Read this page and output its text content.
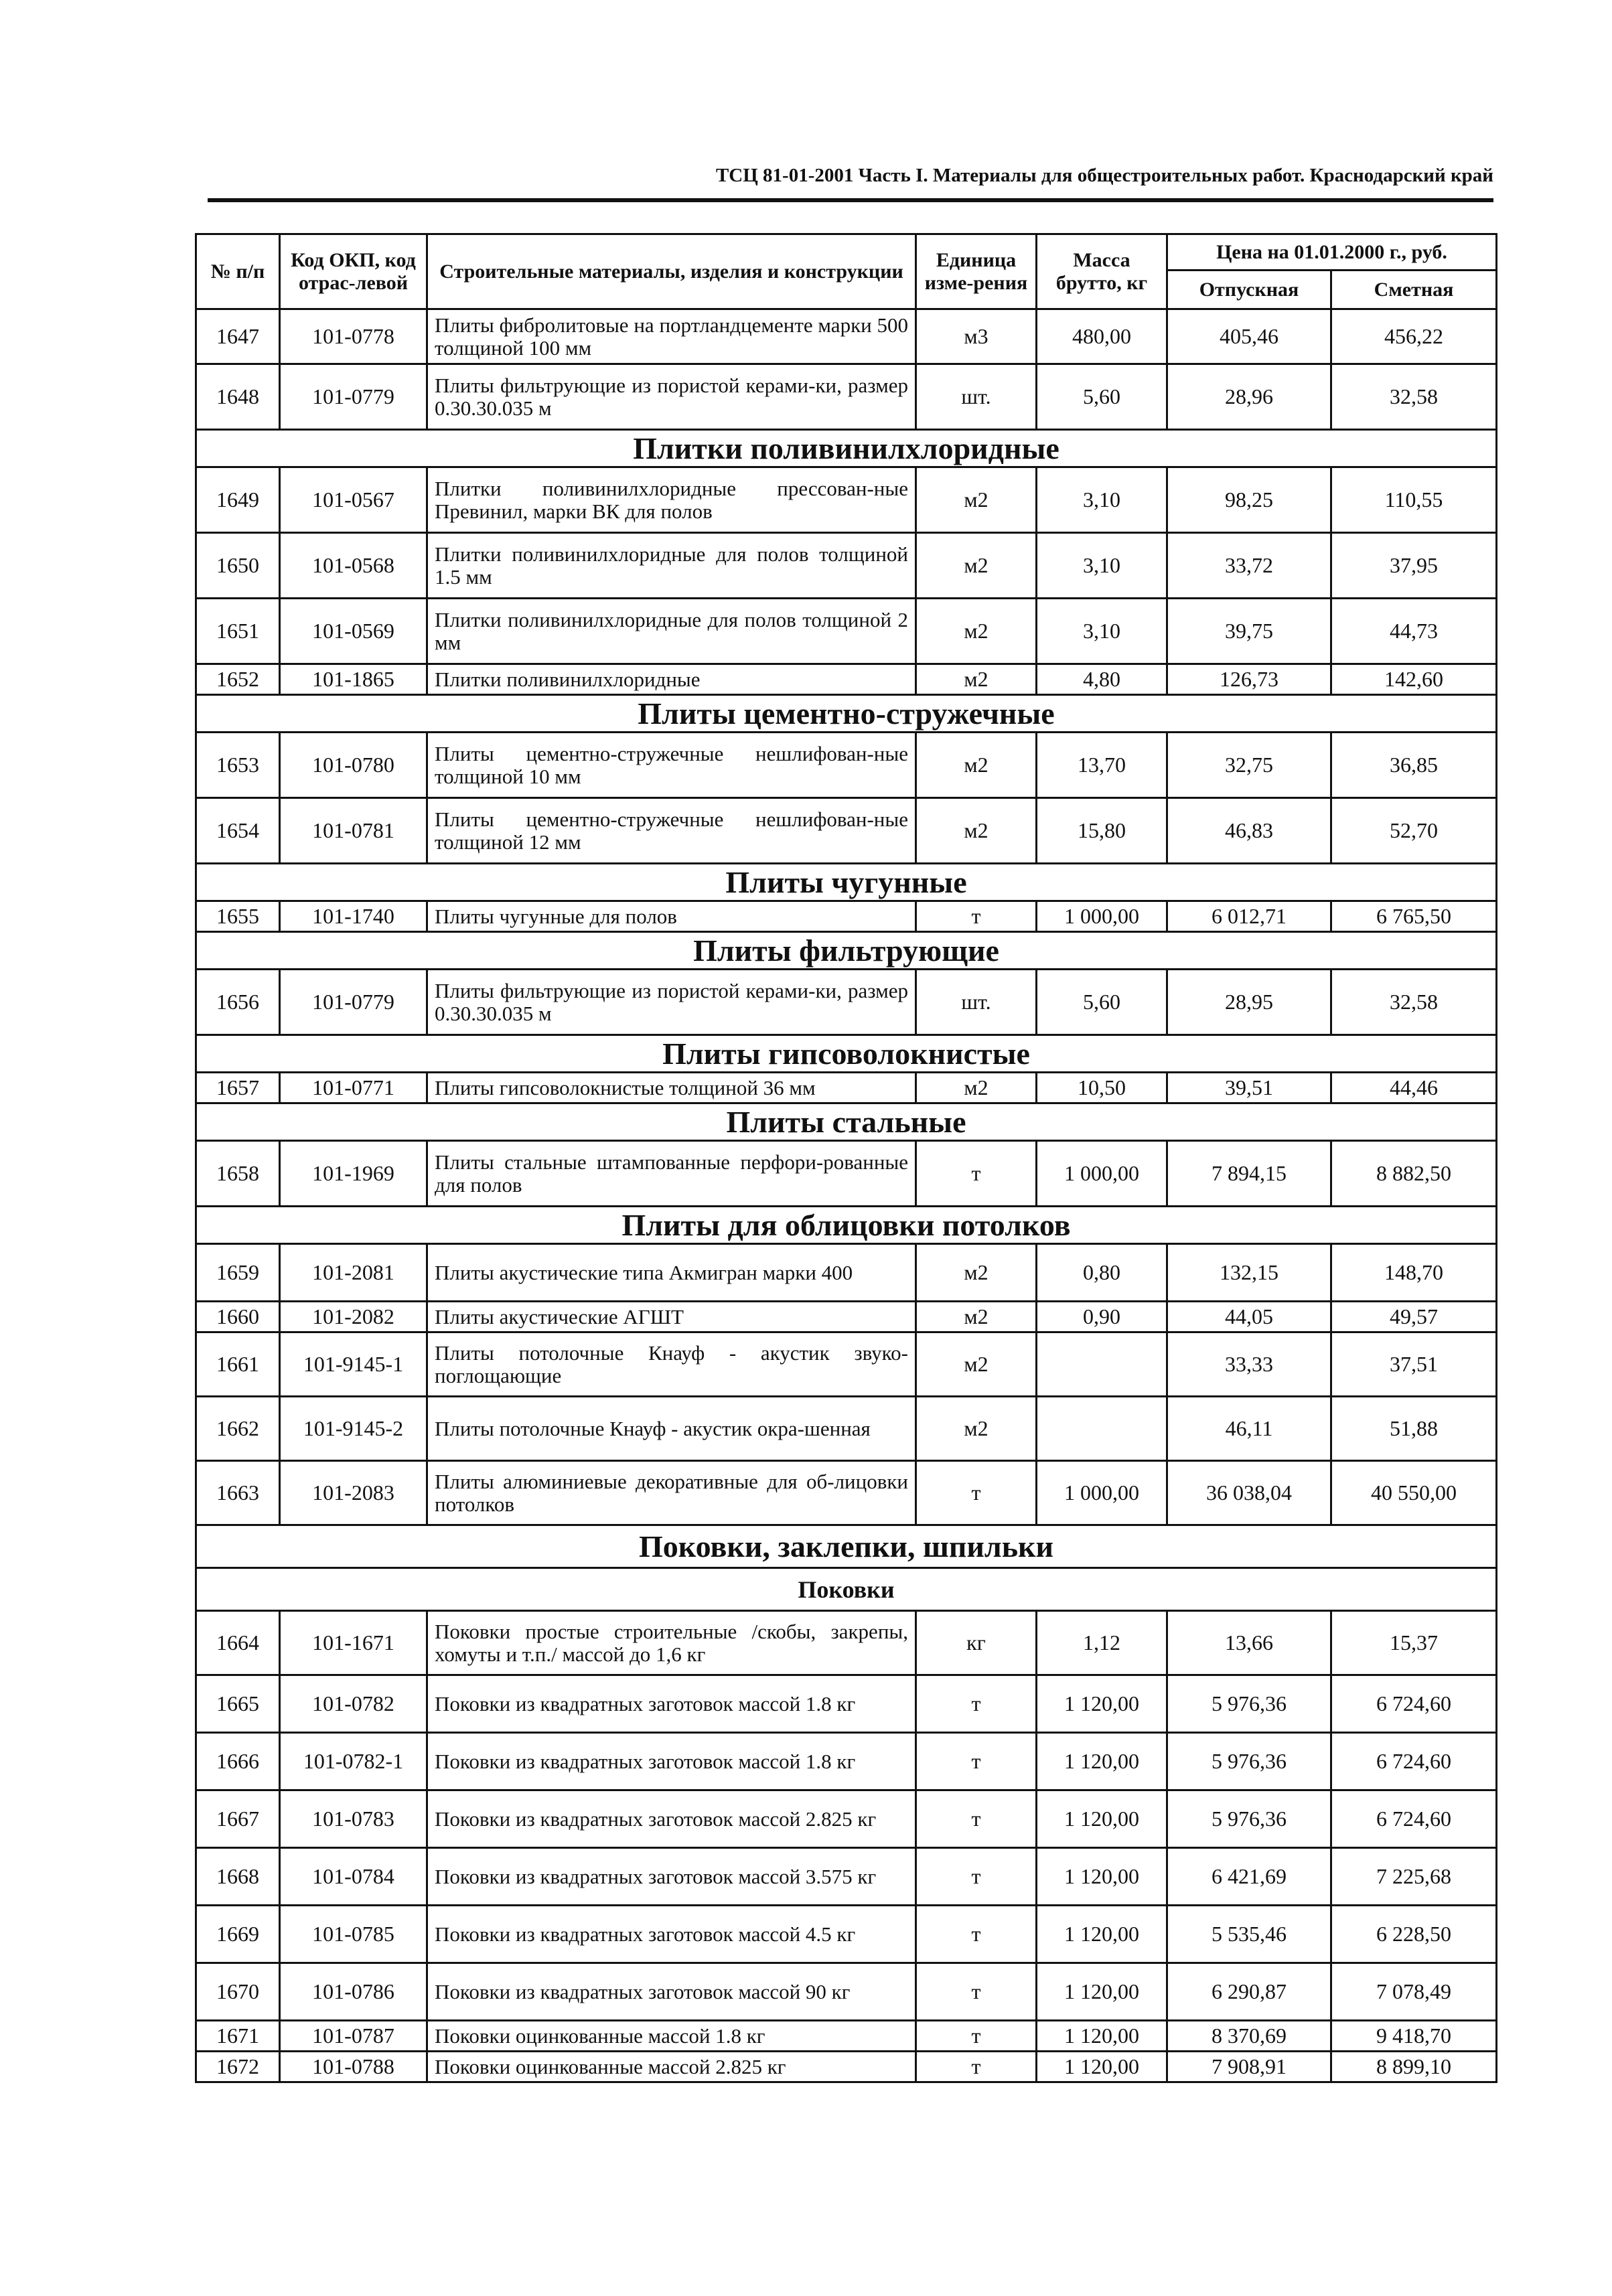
ТСЦ 81-01-2001 Часть I. Материалы для общестроительных работ. Краснодарский край
№ п/п	Код ОКП, код отрас-левой	Строительные материалы, изделия и конструкции	Единица изме-рения	Масса брутто, кг	Цена на 01.01.2000 г., руб.	
					Отпускная	Сметная
1647	101-0778	Плиты фибролитовые на портландцементе марки 500 толщиной 100 мм	м3	480,00	405,46	456,22
1648	101-0779	Плиты фильтрующие из пористой керами-ки, размер 0.30.30.035 м	шт.	5,60	28,96	32,58
Плитки поливинилхлоридные						
1649	101-0567	Плитки поливинилхлоридные прессован-ные Превинил, марки ВК для полов	м2	3,10	98,25	110,55
1650	101-0568	Плитки поливинилхлоридные для полов толщиной 1.5 мм	м2	3,10	33,72	37,95
1651	101-0569	Плитки поливинилхлоридные для полов толщиной 2 мм	м2	3,10	39,75	44,73
1652	101-1865	Плитки поливинилхлоридные	м2	4,80	126,73	142,60
Плиты цементно-стружечные						
1653	101-0780	Плиты цементно-стружечные нешлифован-ные толщиной 10 мм	м2	13,70	32,75	36,85
1654	101-0781	Плиты цементно-стружечные нешлифован-ные толщиной 12 мм	м2	15,80	46,83	52,70
Плиты чугунные						
1655	101-1740	Плиты чугунные для полов	т	1 000,00	6 012,71	6 765,50
Плиты фильтрующие						
1656	101-0779	Плиты фильтрующие из пористой керами-ки, размер 0.30.30.035 м	шт.	5,60	28,95	32,58
Плиты гипсоволокнистые						
1657	101-0771	Плиты гипсоволокнистые толщиной 36 мм	м2	10,50	39,51	44,46
Плиты стальные						
1658	101-1969	Плиты стальные штампованные перфори-рованные для полов	т	1 000,00	7 894,15	8 882,50
Плиты для облицовки потолков						
1659	101-2081	Плиты акустические типа Акмигран марки 400	м2	0,80	132,15	148,70
1660	101-2082	Плиты акустические АГШТ	м2	0,90	44,05	49,57
1661	101-9145-1	Плиты потолочные Кнауф - акустик звуко-поглощающие	м2		33,33	37,51
1662	101-9145-2	Плиты потолочные Кнауф - акустик окра-шенная	м2		46,11	51,88
1663	101-2083	Плиты алюминиевые декоративные для об-лицовки потолков	т	1 000,00	36 038,04	40 550,00
Поковки, заклепки, шпильки						
Поковки						
1664	101-1671	Поковки простые строительные /скобы, закрепы, хомуты и т.п./ массой до 1,6 кг	кг	1,12	13,66	15,37
1665	101-0782	Поковки из квадратных заготовок массой 1.8 кг	т	1 120,00	5 976,36	6 724,60
1666	101-0782-1	Поковки из квадратных заготовок массой 1.8 кг	т	1 120,00	5 976,36	6 724,60
1667	101-0783	Поковки из квадратных заготовок массой 2.825 кг	т	1 120,00	5 976,36	6 724,60
1668	101-0784	Поковки из квадратных заготовок массой 3.575 кг	т	1 120,00	6 421,69	7 225,68
1669	101-0785	Поковки из квадратных заготовок массой 4.5 кг	т	1 120,00	5 535,46	6 228,50
1670	101-0786	Поковки из квадратных заготовок массой 90 кг	т	1 120,00	6 290,87	7 078,49
1671	101-0787	Поковки оцинкованные массой 1.8 кг	т	1 120,00	8 370,69	9 418,70
1672	101-0788	Поковки оцинкованные массой 2.825 кг	т	1 120,00	7 908,91	8 899,10
